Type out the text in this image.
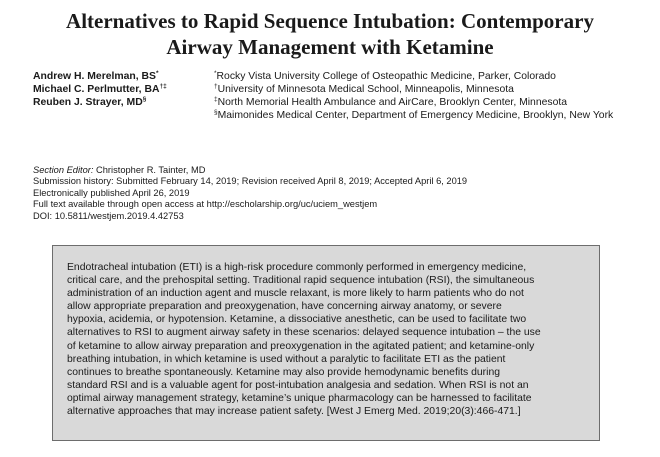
Alternatives to Rapid Sequence Intubation: Contemporary
Airway Management with Ketamine
Andrew H. Merelman, BS*
Michael C. Perlmutter, BA†‡
Reuben J. Strayer, MD§
*Rocky Vista University College of Osteopathic Medicine, Parker, Colorado
†University of Minnesota Medical School, Minneapolis, Minnesota
‡North Memorial Health Ambulance and AirCare, Brooklyn Center, Minnesota
§Maimonides Medical Center, Department of Emergency Medicine, Brooklyn, New York
Section Editor: Christopher R. Tainter, MD
Submission history: Submitted February 14, 2019; Revision received April 8, 2019; Accepted April 6, 2019
Electronically published April 26, 2019
Full text available through open access at http://escholarship.org/uc/uciem_westjem
DOI: 10.5811/westjem.2019.4.42753

Endotracheal intubation (ETI) is a high-risk procedure commonly performed in emergency medicine,
critical care, and the prehospital setting. Traditional rapid sequence intubation (RSI), the simultaneous
administration of an induction agent and muscle relaxant, is more likely to harm patients who do not
allow appropriate preparation and preoxygenation, have concerning airway anatomy, or severe
hypoxia, acidemia, or hypotension. Ketamine, a dissociative anesthetic, can be used to facilitate two
alternatives to RSI to augment airway safety in these scenarios: delayed sequence intubation – the use
of ketamine to allow airway preparation and preoxygenation in the agitated patient; and ketamine-only
breathing intubation, in which ketamine is used without a paralytic to facilitate ETI as the patient
continues to breathe spontaneously. Ketamine may also provide hemodynamic benefits during
standard RSI and is a valuable agent for post-intubation analgesia and sedation. When RSI is not an
optimal airway management strategy, ketamine’s unique pharmacology can be harnessed to facilitate
alternative approaches that may increase patient safety. [West J Emerg Med. 2019;20(3):466-471.]
